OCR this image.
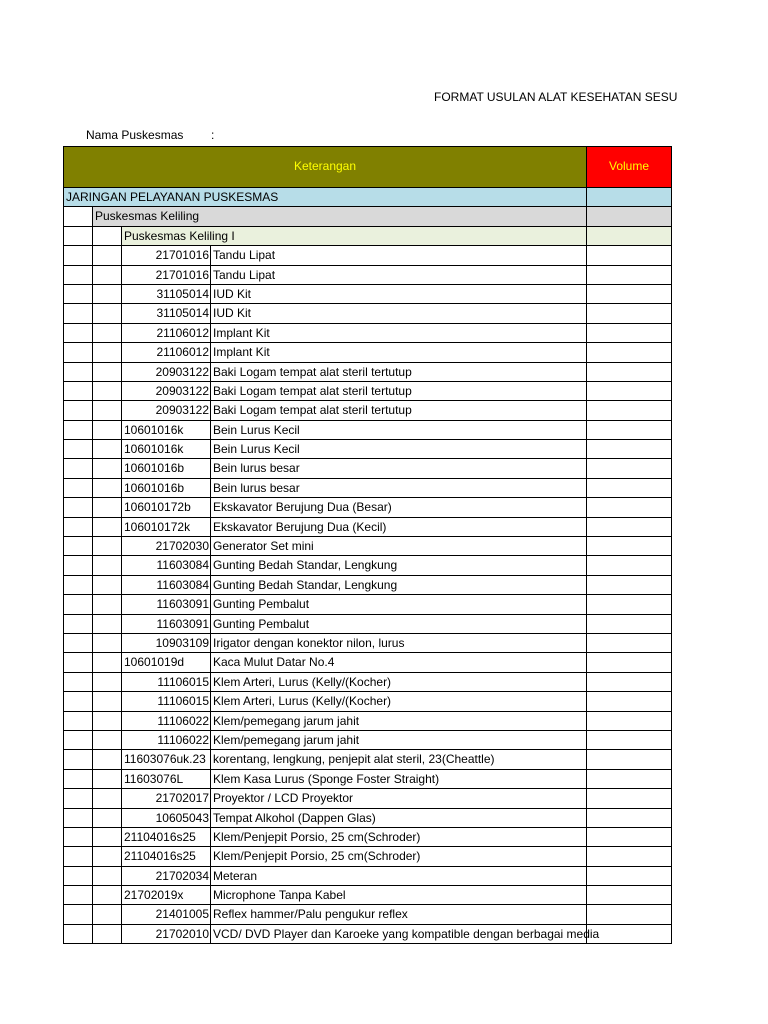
FORMAT USULAN ALAT KESEHATAN SESU
Nama Puskesmas :
Keterangan	Volume
JARINGAN PELAYANAN PUSKESMAS
Puskesmas Keliling
Puskesmas Keliling I
21701016 Tandu Lipat
21701016 Tandu Lipat
31105014 IUD Kit
31105014 IUD Kit
21106012 Implant Kit
21106012 Implant Kit
20903122 Baki Logam tempat alat steril tertutup
20903122 Baki Logam tempat alat steril tertutup
20903122 Baki Logam tempat alat steril tertutup
10601016k	Bein Lurus Kecil
10601016k	Bein Lurus Kecil
10601016b	Bein lurus besar
10601016b	Bein lurus besar
106010172b	Ekskavator Berujung Dua (Besar)
106010172k	Ekskavator Berujung Dua (Kecil)
21702030 Generator Set mini
11603084 Gunting Bedah Standar, Lengkung
11603084 Gunting Bedah Standar, Lengkung
11603091 Gunting Pembalut
11603091 Gunting Pembalut
10903109 Irigator dengan konektor nilon, lurus
10601019d	Kaca Mulut Datar No.4
11106015 Klem Arteri, Lurus (Kelly/(Kocher)
11106015 Klem Arteri, Lurus (Kelly/(Kocher)
11106022 Klem/pemegang jarum jahit
11106022 Klem/pemegang jarum jahit
11603076uk.23 korentang, lengkung, penjepit alat steril, 23(Cheattle)
11603076L	Klem Kasa Lurus (Sponge Foster Straight)
21702017 Proyektor / LCD Proyektor
10605043 Tempat Alkohol (Dappen Glas)
21104016s25	Klem/Penjepit Porsio, 25 cm(Schroder)
21104016s25	Klem/Penjepit Porsio, 25 cm(Schroder)
21702034 Meteran
21702019x	Microphone Tanpa Kabel
21401005 Reflex hammer/Palu pengukur reflex
21702010 VCD/ DVD Player dan Karoeke yang kompatible dengan berbagai media
